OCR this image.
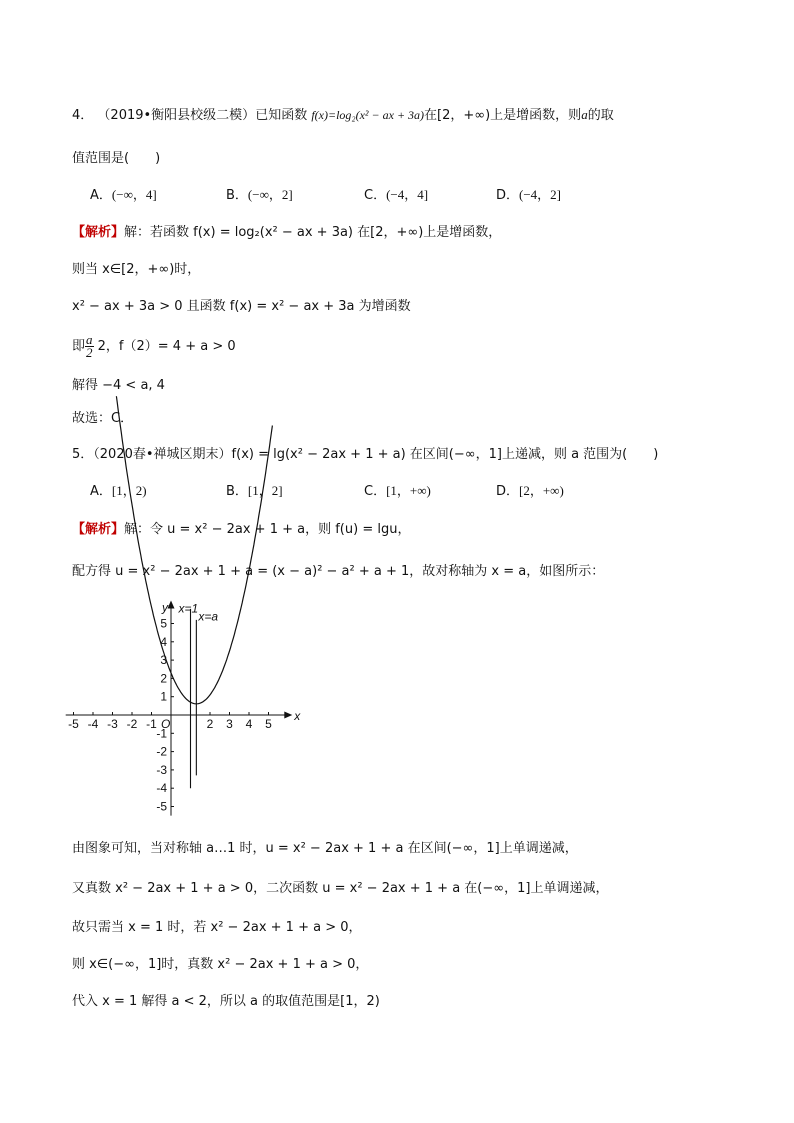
4． （2019•衡阳县校级二模）已知函数 f(x)=log₂(x² − ax + 3a)在[2，+∞)上是增函数，则a的取
值范围是(　　)
A．(−∞，4]	B．(−∞，2]	C．(−4，4]	D．(−4，2]
【解析】解：若函数 f(x) = log₂(x² − ax + 3a) 在[2，+∞)上是增函数，
则当 x∈[2，+∞)时，
x² − ax + 3a > 0 且函数 f(x) = x² − ax + 3a 为增函数
即 $\frac{a}{2} 2$，f（2）= 4 + a > 0
解得 −4 < a, 4
故选：C．
5．（2020春•禅城区期末）f(x) = lg(x² − 2ax + 1 + a) 在区间(−∞，1]上递减，则 a 范围为(　　)
A．[1，2)	B．[1，2]	C．[1，+∞)	D．[2，+∞)
【解析】解：令 u = x² − 2ax + 1 + a，则 f(u) = lgu，
配方得 u = x² − 2ax + 1 + a = (x − a)² − a² + a + 1，故对称轴为 x = a，如图所示：
x
y
O
-5 -4 -3 -2 -1	2 3 4 5
5
4
3
2
1
-1
-2
-3
-4
-5
x=1
x=a
由图象可知，当对称轴 a…1 时，u = x² − 2ax + 1 + a 在区间(−∞，1]上单调递减，
又真数 x² − 2ax + 1 + a > 0，二次函数 u = x² − 2ax + 1 + a 在(−∞，1]上单调递减，
故只需当 x = 1 时，若 x² − 2ax + 1 + a > 0，
则 x∈(−∞，1]时，真数 x² − 2ax + 1 + a > 0，
代入 x = 1 解得 a < 2，所以 a 的取值范围是[1，2)
